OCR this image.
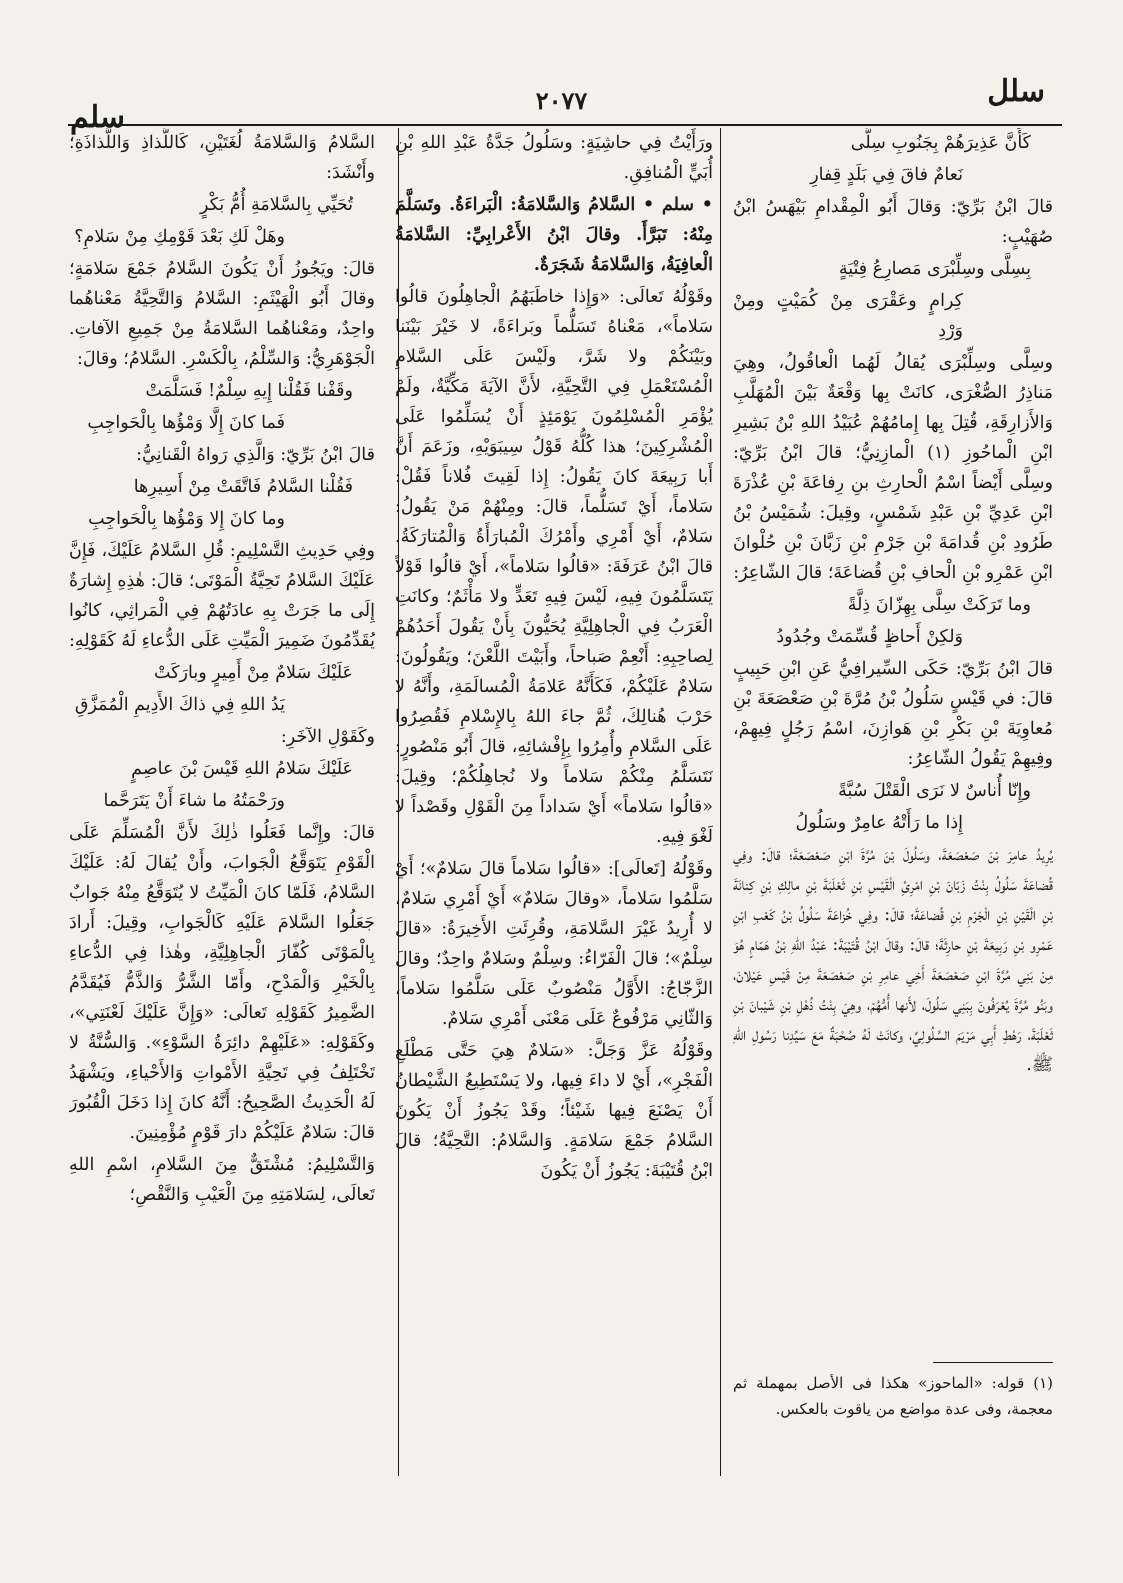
سلل
٢٠٧٧
سلم

كَأَنَّ عَذِيرَهُمْ بِجَنُوبِ سِلَّى

نَعامٌ فاقَ فِي بَلَدٍ قِفارِ

قالَ ابْنُ بَرِّيّ: وَقالَ أَبُو الْمِقْدامِ بَيْهَسُ ابْنُ صُهَيْبٍ:

بِسِلَّى وسِلِّبْرَى مَصارِعُ فِتْيَةٍ

كِرامٍ وعَقْرَى مِنْ كُمَيْتٍ ومِنْ وَرْدِ

وسِلَّى وسِلِّبْرَى يُقالُ لَهُما الْعاقُولُ، وهِيَ مَناذِرُ الصُّغْرَى، كانَتْ بِها وَقْعَةٌ بَيْنَ الْمُهَلَّبِ وَالأَزارِقَةِ، قُتِلَ بِها إِمامُهُمْ عُبَيْدُ اللهِ بْنُ بَشِيرِ ابْنِ الْماحُوزِ (١) الْمازِنِيُّ؛ قالَ ابْنُ بَرِّيّ: وسِلَّى أَيْضاً اسْمُ الْحارِثِ بنِ رِفاعَةَ بْنِ عُذْرَةَ ابْنِ عَدِيِّ بْنِ عَبْدِ شَمْسٍ، وقِيلَ: شُمَيْسُ بْنُ طَرُودِ بْنِ قُدامَةَ بْنِ جَرْمِ بْنِ زَبَّانَ بْنِ حُلْوانَ ابْنِ عَمْرِو بْنِ الْحافِ بْنِ قُضاعَةَ؛ قالَ الشّاعِرُ:

وما تَرَكَتْ سِلَّى بِهِزّانَ ذِلَّةً

وَلكِنْ أَحاظٍ قُسِّمَتْ وجُدُودُ

قالَ ابْنُ بَرِّيّ: حَكَى السِّيرافِيُّ عَنِ ابْنِ حَبِيبٍ قالَ: في قَيْسٍ سَلُولُ بْنُ مُرَّةَ بْنِ صَعْصَعَةَ بْنِ مُعاوِيَةَ بْنِ بَكْرِ بْنِ هَوازِنَ، اسْمُ رَجُلٍ فِيهِمْ، وفِيهِمْ يَقُولُ الشّاعِرُ:

وإِنّا أُناسٌ لا نَرَى الْقَتْلَ سُبَّةً

إِذا ما رَأَتْهُ عامِرٌ وسَلُولُ

يُرِيدُ عامِرَ بْنَ صَعْصَعَةَ، وسَلُولَ بْنَ مُرَّةَ ابْنِ صَعْصَعَةَ؛ قالَ: وفِي قُضاعَةَ سَلُولُ بِنْتُ زَبّانَ بْنِ امْرِئِ الْقَيْسِ بْنِ ثَعْلَبَةَ بْنِ مالِكِ بْنِ كِنانَةَ بْنِ الْقَيْنِ بْنِ الْجَرْمِ بْنِ قُضاعَةَ؛ قالَ: وفِي خُزاعَةَ سَلُولُ بْنُ كَعْبِ ابْنِ عَمْرِو بْنِ رَبِيعَةَ بْنِ حارِثَةَ؛ قالَ: وقالَ ابْنُ قُتَيْبَةَ: عَبْدُ اللهِ بْنُ هَمّامٍ هُوَ مِنْ بَنِي مُرَّةَ ابْنِ صَعْصَعَةَ أَخِي عامِرِ بْنِ صَعْصَعَةَ مِنْ قَيْسِ عَيْلانَ، وبَنُو مُرَّةَ يُعْرَفُونَ بِبَنِي سَلُولَ، لأَنها أُمُّهُمْ، وهِيَ بِنْتُ ذُهْلِ بْنِ شَيْبانَ بْنِ ثَعْلَبَةَ، رَهْطِ أَبِي مَرْيَمَ السَّلُولِيِّ، وكانَتْ لَهُ صُحْبَةٌ مَعَ سَيِّدِنا رَسُولِ اللهِ ﷺ.

ورَأَيْتُ فِي حاشِيَةٍ: وسَلُولُ جَدَّةُ عَبْدِ اللهِ بْنِ أُبَيٍّ الْمُنافِقِ.

• سلم • السَّلامُ وَالسَّلامَةُ: الْبَراءَةُ. وتَسَلَّمَ مِنْهُ: تَبَرَّأَ. وقالَ ابْنُ الأَعْرابِيِّ: السَّلامَةُ الْعافِيَةُ، وَالسَّلامَةُ شَجَرَةٌ.

وقَوْلُهُ تَعالَى: «وَإِذا خاطَبَهُمُ الْجاهِلُونَ قالُوا سَلاماً»، مَعْناهُ تَسَلُّماً وبَراءَةً، لا خَيْرَ بَيْنَنا وبَيْنَكُمْ ولا شَرَّ، ولَيْسَ عَلَى السَّلامِ الْمُسْتَعْمَلِ فِي التَّحِيَّةِ، لأَنَّ الآيَةَ مَكِّيَّةٌ، ولَمْ يُؤْمَرِ الْمُسْلِمُونَ يَوْمَئِذٍ أَنْ يُسَلِّمُوا عَلَى الْمُشْرِكِينَ؛ هذا كُلُّهُ قَوْلُ سِيبَوَيْهِ، وزَعَمَ أَنَّ أَبا رَبِيعَةَ كانَ يَقُولُ: إِذا لَقِيتَ فُلاناً فَقُلْ: سَلاماً، أَيْ تَسَلُّماً، قالَ: ومِنْهُمْ مَنْ يَقُولُ: سَلامٌ، أَيْ أَمْرِي وأَمْرُكَ الْمُبارَأَةُ وَالْمُتارَكَةُ. قالَ ابْنُ عَرَفَةَ: «قالُوا سَلاماً»، أَيْ قالُوا قَوْلاً يَتَسَلَّمُونَ فِيهِ، لَيْسَ فِيهِ تَعَدٍّ ولا مَأْثَمٌ؛ وكانَتِ الْعَرَبُ فِي الْجاهِلِيَّةِ يُحَيُّونَ بِأَنْ يَقُولَ أَحَدُهُمْ لِصاحِبِهِ: أَنْعِمْ صَباحاً، وأَبَيْتَ اللَّعْنَ؛ ويَقُولُونَ: سَلامٌ عَلَيْكُمْ، فَكَأَنَّهُ عَلامَةُ الْمُسالَمَةِ، وأَنَّهُ لا حَرْبَ هُنالِكَ، ثُمَّ جاءَ اللهُ بِالإِسْلامِ فَقُصِرُوا عَلَى السَّلامِ وأُمِرُوا بِإِفْشائِهِ، قالَ أَبُو مَنْصُورٍ: نَتَسَلَّمُ مِنْكُمْ سَلاماً ولا نُجاهِلُكُمْ؛ وقِيلَ: «قالُوا سَلاماً» أَيْ سَداداً مِنَ الْقَوْلِ وقَصْداً لا لَغْوَ فِيهِ.

وقَوْلُهُ [تَعالَى]: «قالُوا سَلاماً قالَ سَلامٌ»؛ أَيْ سَلَّمُوا سَلاماً، «وقالَ سَلامٌ» أَيْ أَمْرِي سَلامٌ، لا أُرِيدُ غَيْرَ السَّلامَةِ، وقُرِئَتِ الأَخِيرَةُ: «قالَ سِلْمٌ»؛ قالَ الْفَرّاءُ: وسِلْمٌ وسَلامٌ واحِدٌ؛ وقالَ الزَّجّاجُ: الأَوَّلُ مَنْصُوبٌ عَلَى سَلَّمُوا سَلاماً، وَالثّانِي مَرْفُوعٌ عَلَى مَعْنَى أَمْرِي سَلامٌ.

وقَوْلُهُ عَزَّ وَجَلَّ: «سَلامٌ هِيَ حَتَّى مَطْلَعِ الْفَجْرِ»، أَيْ لا داءَ فِيها، ولا يَسْتَطِيعُ الشَّيْطانُ أَنْ يَصْنَعَ فِيها شَيْئاً؛ وقَدْ يَجُوزُ أَنْ يَكُونَ السَّلامُ جَمْعَ سَلامَةٍ. وَالسَّلامُ: التَّحِيَّةُ؛ قالَ ابْنُ قُتَيْبَةَ: يَجُوزُ أَنْ يَكُونَ

السَّلامُ وَالسَّلامَةُ لُغَتَيْنِ، كَاللَّذاذِ وَاللَّذاذَةِ؛ وأَنْشَدَ:

تُحَيِّي بِالسَّلامَةِ أُمُّ بَكْرٍ

وهَلْ لَكِ بَعْدَ قَوْمِكِ مِنْ سَلامِ؟

قالَ: ويَجُوزُ أَنْ يَكُونَ السَّلامُ جَمْعَ سَلامَةٍ؛ وقالَ أَبُو الْهَيْثَمِ: السَّلامُ وَالتَّحِيَّةُ مَعْناهُما واحِدٌ، ومَعْناهُما السَّلامَةُ مِنْ جَمِيعِ الآفاتِ. الْجَوْهَرِيُّ: وَالسِّلْمُ، بِالْكَسْرِ. السَّلامُ؛ وقالَ:

وقَفْنا فَقُلْنا إِيهِ سِلْمٌ! فَسَلَّمَتْ

فَما كانَ إِلَّا وَمْؤُها بِالْحَواجِبِ

قالَ ابْنُ بَرِّيّ: وَالَّذِي رَواهُ الْقَنانِيُّ:

فَقُلْنا السَّلامُ فَاتَّقَتْ مِنْ أَسِيرِها

وما كانَ إِلا وَمْؤُها بِالْحَواجِبِ

وفِي حَدِيثِ التَّسْلِيمِ: قُلِ السَّلامُ عَلَيْكَ، فَإِنَّ عَلَيْكَ السَّلامُ تَحِيَّةُ الْمَوْتَى؛ قالَ: هٰذِهِ إِشارَةٌ إِلَى ما جَرَتْ بِهِ عادَتُهُمْ فِي الْمَراثِي، كانُوا يُقَدِّمُونَ ضَمِيرَ الْمَيِّتِ عَلَى الدُّعاءِ لَهُ كَقَوْلِهِ:

عَلَيْكَ سَلامٌ مِنْ أَمِيرٍ وبارَكَتْ

يَدُ اللهِ فِي ذاكَ الأَدِيمِ الْمُمَزَّقِ

وكَقَوْلِ الآخَرِ:

عَلَيْكَ سَلامُ اللهِ قَيْسَ بْنَ عاصِمٍ

ورَحْمَتُهُ ما شاءَ أَنْ يَتَرَحَّما

قالَ: وإِنَّما فَعَلُوا ذٰلِكَ لأَنَّ الْمُسَلِّمَ عَلَى الْقَوْمِ يَتَوَقَّعُ الْجَوابَ، وأَنْ يُقالَ لَهُ: عَلَيْكَ السَّلامُ، فَلَمّا كانَ الْمَيِّتُ لا يُتَوَقَّعُ مِنْهُ جَوابٌ جَعَلُوا السَّلامَ عَلَيْهِ كَالْجَوابِ، وقِيلَ: أَرادَ بِالْمَوْتَى كُفّارَ الْجاهِلِيَّةِ، وهٰذا فِي الدُّعاءِ بِالْخَيْرِ وَالْمَدْحِ، وأَمّا الشَّرُّ وَالذَّمُّ فَيُقَدَّمُ الضَّمِيرُ كَقَوْلِهِ تَعالَى: «وَإِنَّ عَلَيْكَ لَعْنَتِي»، وكَقَوْلِهِ: «عَلَيْهِمْ دائِرَةُ السَّوْءِ». وَالسُّنَّةُ لا تَخْتَلِفُ فِي تَحِيَّةِ الأَمْواتِ وَالأَحْياءِ، ويَشْهَدُ لَهُ الْحَدِيثُ الصَّحِيحُ: أَنَّهُ كانَ إِذا دَخَلَ الْقُبُورَ قالَ: سَلامٌ عَلَيْكُمْ دارَ قَوْمٍ مُؤْمِنِينَ.

وَالتَّسْلِيمُ: مُشْتَقٌّ مِنَ السَّلامِ، اسْمِ اللهِ تَعالَى، لِسَلامَتِهِ مِنَ الْعَيْبِ وَالنَّقْصِ؛

(١) قوله: «الماحوز» هكذا فى الأصل بمهملة ثم معجمة، وفى عدة مواضع من ياقوت بالعكس.
